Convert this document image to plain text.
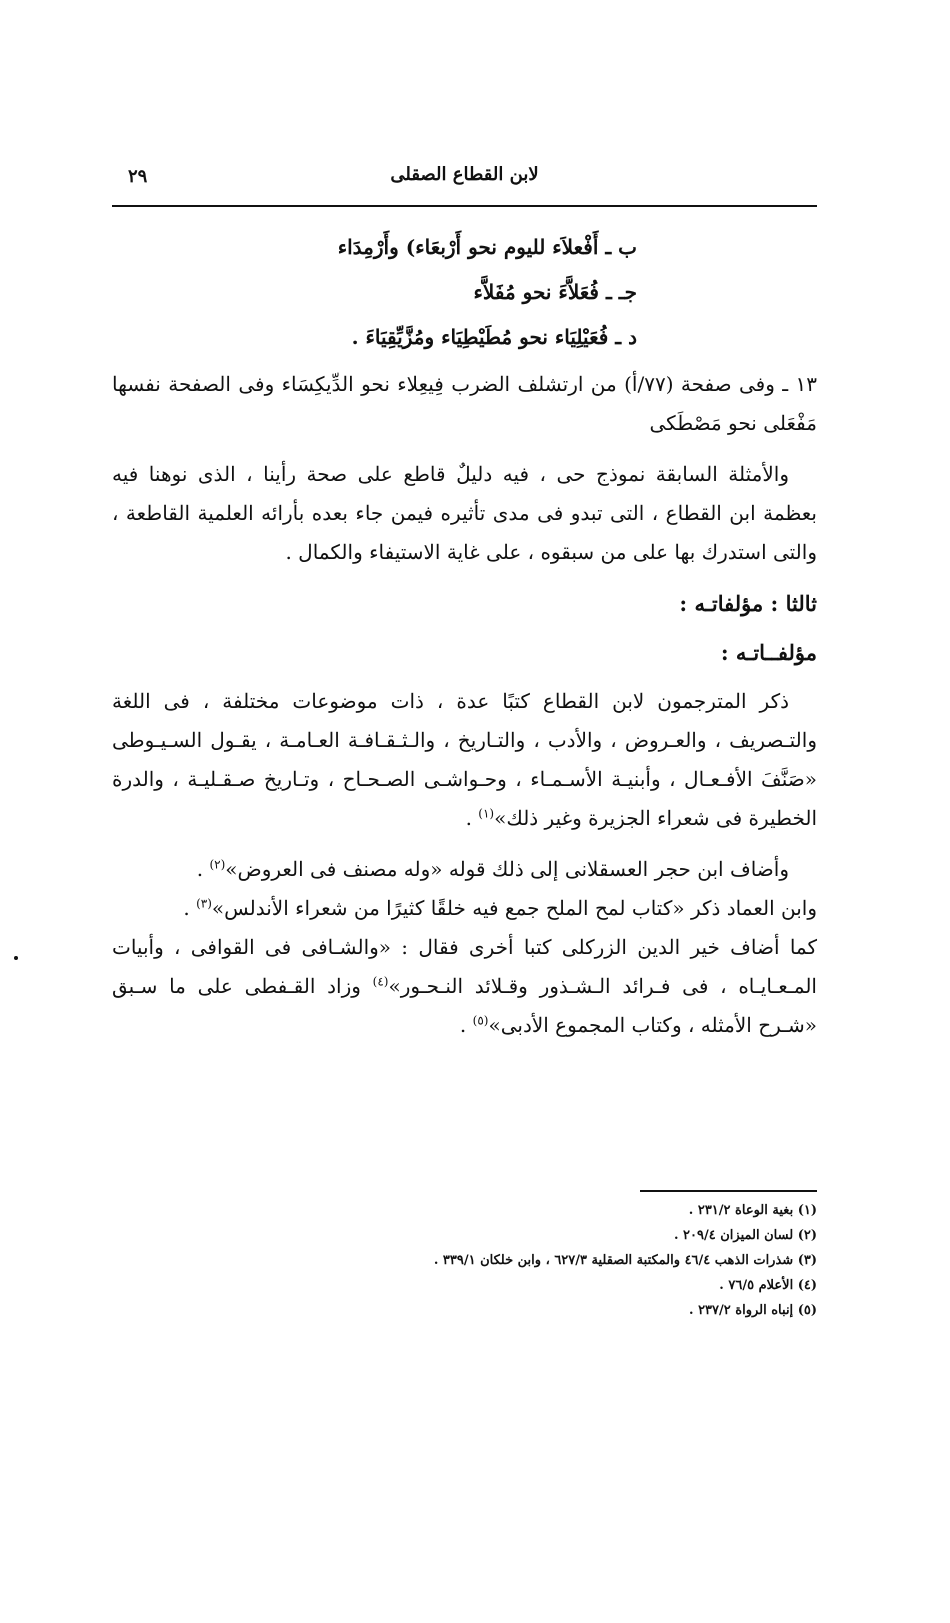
لابن القطاع الصقلى
٢٩
ب ـ أَفْعلاَء لليوم نحو أَرْبعَاء) وأَرْمِدَاء
جـ ـ فُعَلاَّءَ نحو مُفَلاَّء
د ـ فُعَيْلِيَاء نحو مُطَيْطِيَاء ومُزَّيِّقِيَاءَ .

١٣ ـ وفى صفحة (٧٧/أ) من ارتشلف الضرب فِيعِلاء نحو الدِّيكِسَاء وفى الصفحة نفسها مَفْعَلى نحو مَصْطَكى

والأمثلة السابقة نموذج حى ، فيه دليلٌ قاطع على صحة رأينا ، الذى نوهنا فيه بعظمة ابن القطاع ، التى تبدو فى مدى تأثيره فيمن جاء بعده بأرائه العلمية القاطعة ، والتى استدرك بها على من سبقوه ، على غاية الاستيفاء والكمال .

ثالثا : مؤلفاتـه :
مؤلفــاتـه :

ذكر المترجمون لابن القطاع كتبًا عدة ، ذات موضوعات مختلفة ، فى اللغة والتـصريف ، والعـروض ، والأدب ، والتـاريخ ، والـثـقـافـة العـامـة ، يقـول السـيـوطى «صَنَّفَ الأفـعـال ، وأبنيـة الأسـمـاء ، وحـواشـى الصـحـاح ، وتـاريخ صـقـليـة ، والدرة الخطيرة فى شعراء الجزيرة وغير ذلك»$^{(١)}$ .

وأضاف ابن حجر العسقلانى إلى ذلك قوله «وله مصنف فى العروض»$^{(٢)}$ .
وابن العماد ذكر «كتاب لمح الملح جمع فيه خلقًا كثيرًا من شعراء الأندلس»$^{(٣)}$ .
كما أضاف خير الدين الزركلى كتبا أخرى فقال : «والشـافى فى القوافى ، وأبيات المـعـايـاه ، فى فـرائد الـشـذور وقـلائد النـحـور»$^{(٤)}$ وزاد القـفطى على ما سـبق «شـرح الأمثله ، وكتاب المجموع الأدبى»$^{(٥)}$ .

(١) بغية الوعاة ٢٣١/٢ .
(٢) لسان الميزان ٢٠٩/٤ .
(٣) شذرات الذهب ٤٦/٤ والمكتبة الصقلية ٦٢٧/٣ ، وابن خلكان ٣٣٩/١ .
(٤) الأعلام ٧٦/٥ .
(٥) إنباه الرواة ٢٣٧/٢ .
